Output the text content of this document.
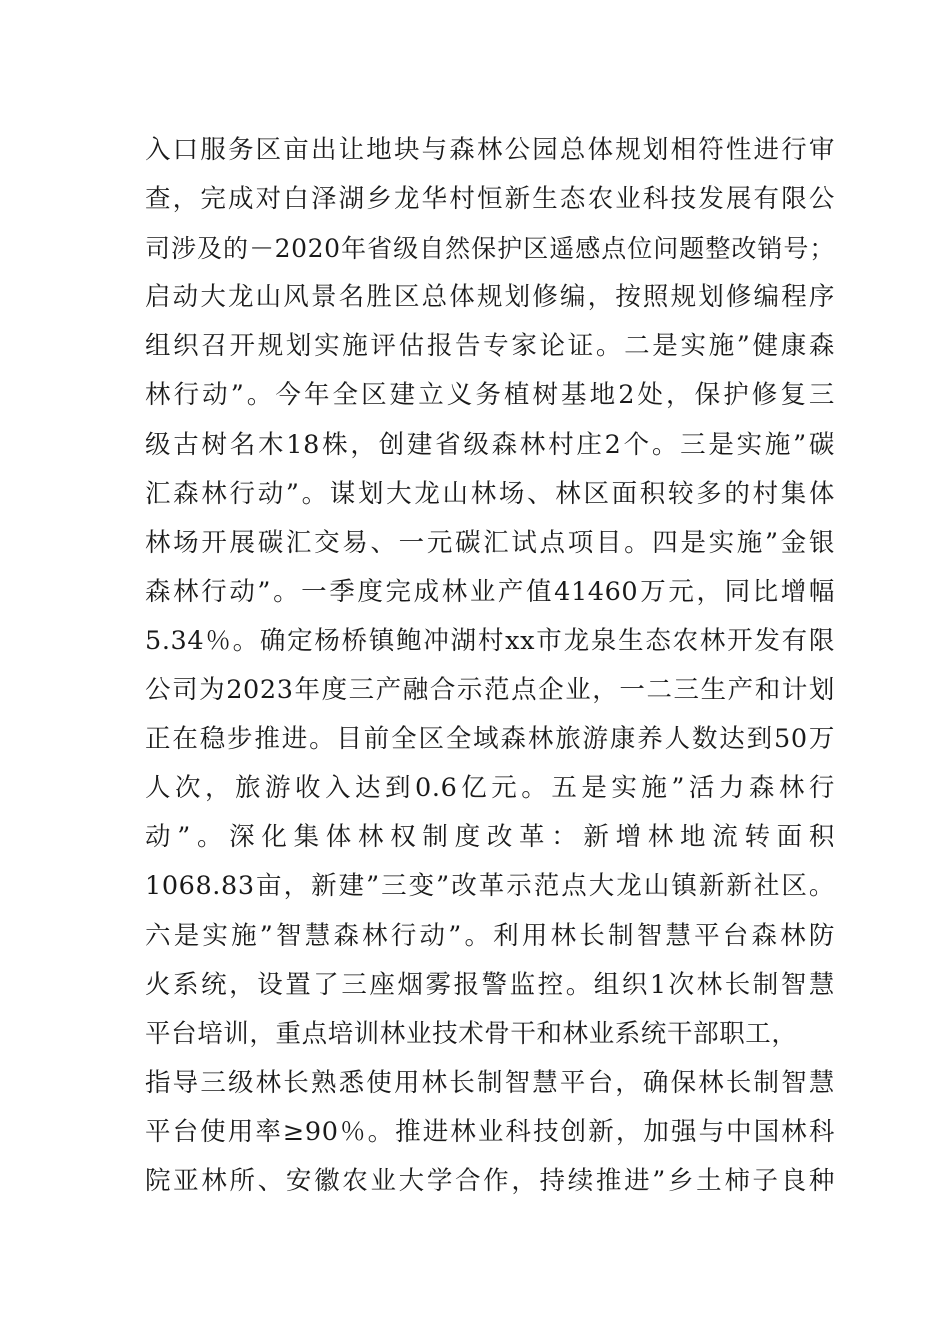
入口服务区亩出让地块与森林公园总体规划相符性进行审
查，完成对白泽湖乡龙华村恒新生态农业科技发展有限公
司涉及的－2020年省级自然保护区遥感点位问题整改销号；
启动大龙山风景名胜区总体规划修编，按照规划修编程序
组织召开规划实施评估报告专家论证。二是实施”健康森
林行动”。今年全区建立义务植树基地2处，保护修复三
级古树名木18株，创建省级森林村庄2个。三是实施”碳
汇森林行动”。谋划大龙山林场、林区面积较多的村集体
林场开展碳汇交易、一元碳汇试点项目。四是实施”金银
森林行动”。一季度完成林业产值41460万元，同比增幅
5.34％。确定杨桥镇鲍冲湖村xx市龙泉生态农林开发有限
公司为2023年度三产融合示范点企业，一二三生产和计划
正在稳步推进。目前全区全域森林旅游康养人数达到50万
人次，旅游收入达到0.6亿元。五是实施”活力森林行
动”。深化集体林权制度改革：新增林地流转面积
1068.83亩，新建”三变”改革示范点大龙山镇新新社区。
六是实施”智慧森林行动”。利用林长制智慧平台森林防
火系统，设置了三座烟雾报警监控。组织1次林长制智慧
平台培训，重点培训林业技术骨干和林业系统干部职工，
指导三级林长熟悉使用林长制智慧平台，确保林长制智慧
平台使用率≥90％。推进林业科技创新，加强与中国林科
院亚林所、安徽农业大学合作，持续推进”乡土柿子良种
